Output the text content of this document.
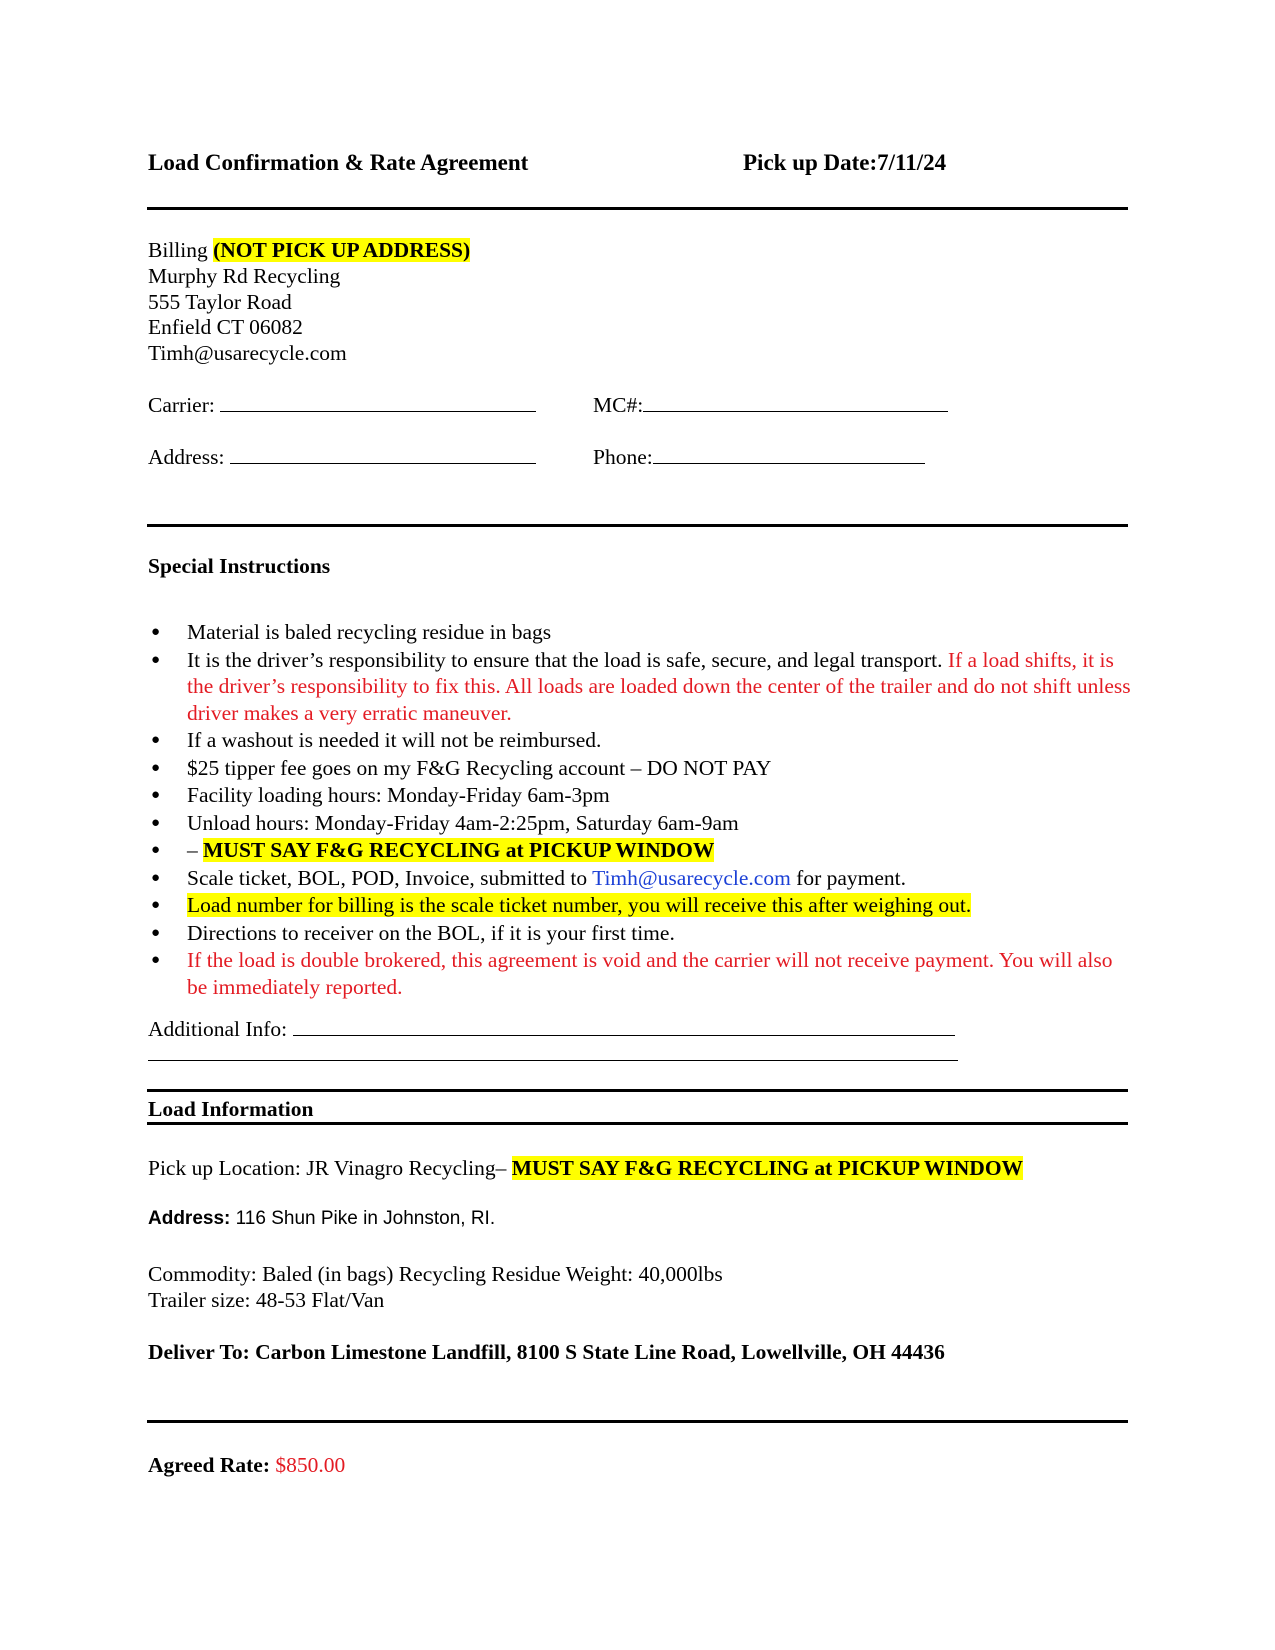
Load Confirmation & Rate Agreement	Pick up Date:7/11/24
Billing (NOT PICK UP ADDRESS)
Murphy Rd Recycling
555 Taylor Road
Enfield CT 06082
Timh@usarecycle.com
Carrier:	MC#:
Address:	Phone:
Special Instructions
● Material is baled recycling residue in bags
● It is the driver’s responsibility to ensure that the load is safe, secure, and legal transport. If a load shifts, it is the driver’s responsibility to fix this. All loads are loaded down the center of the trailer and do not shift unless driver makes a very erratic maneuver.
● If a washout is needed it will not be reimbursed.
● $25 tipper fee goes on my F&G Recycling account – DO NOT PAY
● Facility loading hours: Monday-Friday 6am-3pm
● Unload hours: Monday-Friday 4am-2:25pm, Saturday 6am-9am
● – MUST SAY F&G RECYCLING at PICKUP WINDOW
● Scale ticket, BOL, POD, Invoice, submitted to Timh@usarecycle.com for payment.
● Load number for billing is the scale ticket number, you will receive this after weighing out.
● Directions to receiver on the BOL, if it is your first time.
● If the load is double brokered, this agreement is void and the carrier will not receive payment. You will also be immediately reported.
Additional Info:
Load Information
Pick up Location: JR Vinagro Recycling– MUST SAY F&G RECYCLING at PICKUP WINDOW
Address: 116 Shun Pike in Johnston, RI.
Commodity: Baled (in bags) Recycling Residue Weight: 40,000lbs
Trailer size: 48-53 Flat/Van
Deliver To: Carbon Limestone Landfill, 8100 S State Line Road, Lowellville, OH 44436
Agreed Rate: $850.00
